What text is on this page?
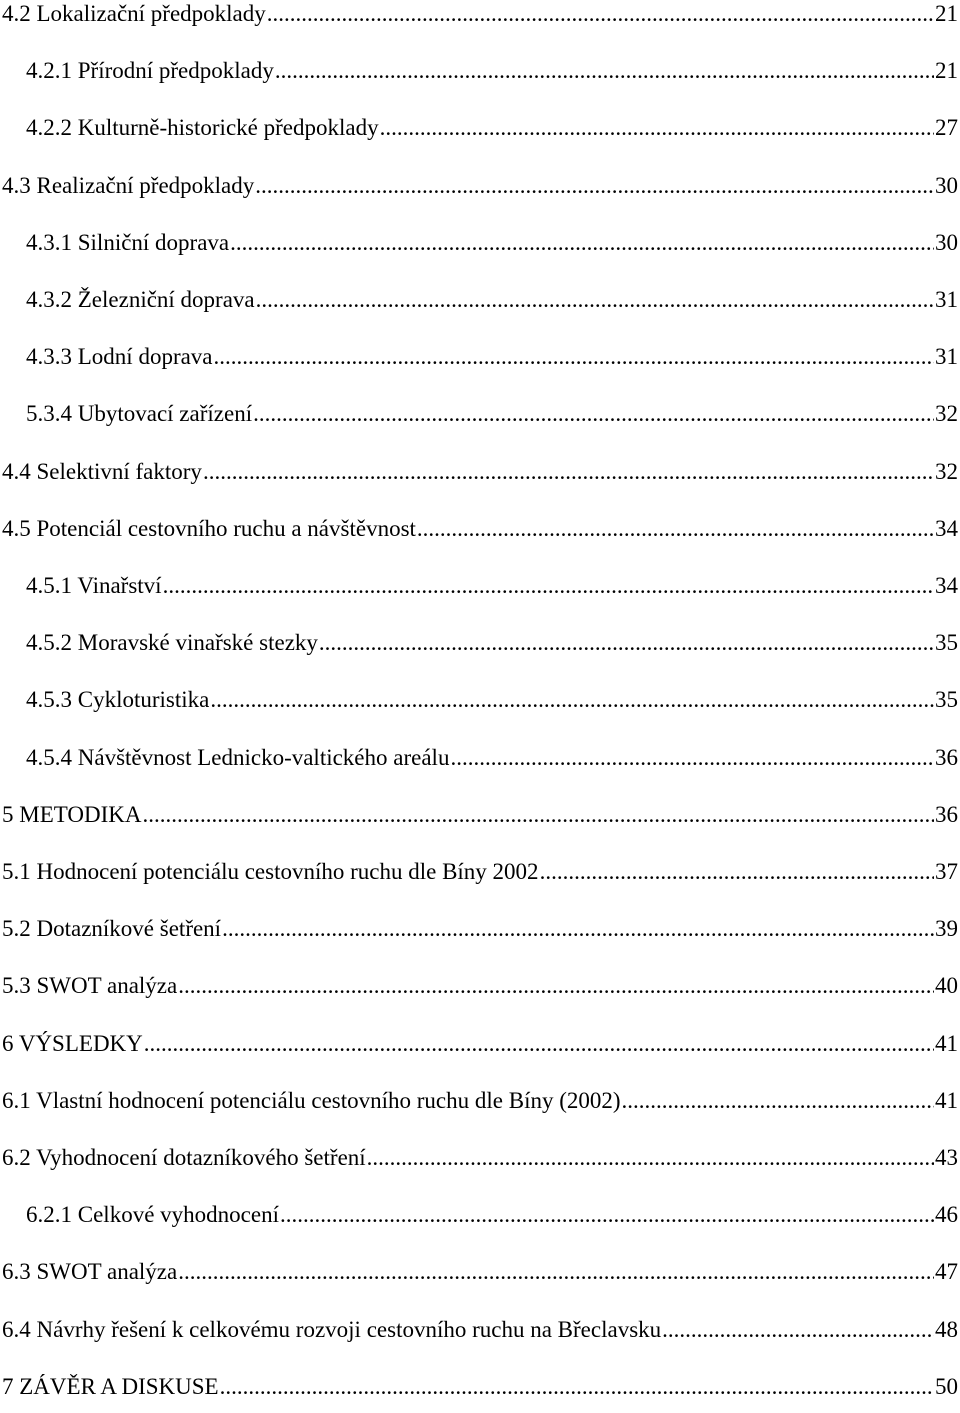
4.2 Lokalizační předpoklady .....	21
4.2.1 Přírodní předpoklady .....	21
4.2.2 Kulturně-historické předpoklady .....	27
4.3 Realizační předpoklady .....	30
4.3.1 Silniční doprava .....	30
4.3.2 Železniční doprava .....	31
4.3.3 Lodní doprava .....	31
5.3.4 Ubytovací zařízení .....	32
4.4 Selektivní faktory .....	32
4.5 Potenciál cestovního ruchu a návštěvnost .....	34
4.5.1 Vinařství .....	34
4.5.2 Moravské vinařské stezky .....	35
4.5.3 Cykloturistika .....	35
4.5.4 Návštěvnost Lednicko-valtického areálu .....	36
5 METODIKA .....	36
5.1 Hodnocení potenciálu cestovního ruchu dle Bíny 2002 .....	37
5.2 Dotazníkové šetření .....	39
5.3 SWOT analýza .....	40
6 VÝSLEDKY .....	41
6.1 Vlastní hodnocení potenciálu cestovního ruchu dle Bíny (2002) .....	41
6.2 Vyhodnocení dotazníkového šetření .....	43
6.2.1 Celkové vyhodnocení .....	46
6.3 SWOT analýza .....	47
6.4 Návrhy řešení k celkovému rozvoji cestovního ruchu na Břeclavsku .....	48
7 ZÁVĚR A DISKUSE .....	50
